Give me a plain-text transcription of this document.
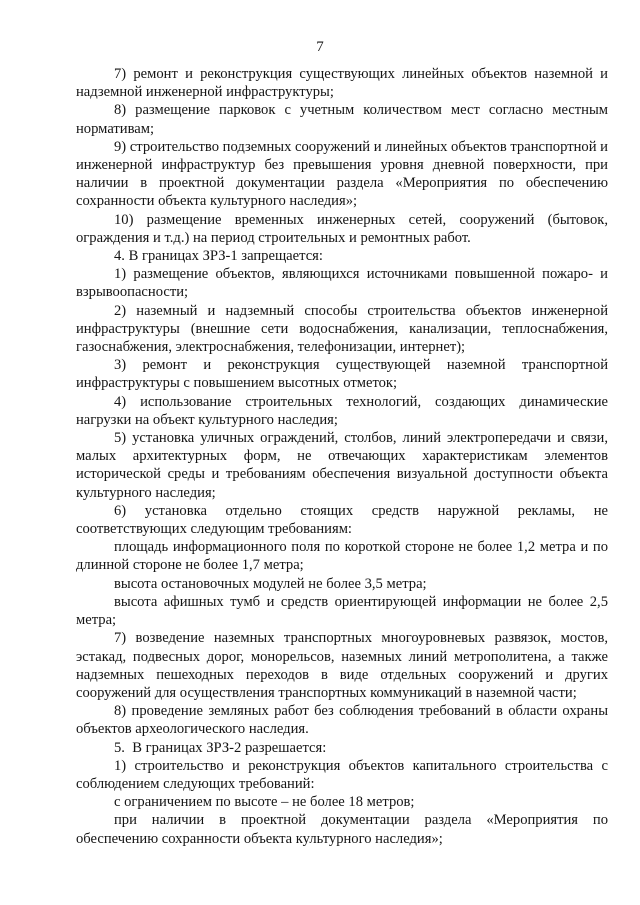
7

7) ремонт и реконструкция существующих линейных объектов наземной и надземной инженерной инфраструктуры;

8) размещение парковок с учетным количеством мест согласно местным нормативам;

9) строительство подземных сооружений и линейных объектов транспортной и инженерной инфраструктур без превышения уровня дневной поверхности, при наличии в проектной документации раздела «Мероприятия по обеспечению сохранности объекта культурного наследия»;

10) размещение временных инженерных сетей, сооружений (бытовок, ограждения и т.д.) на период строительных и ремонтных работ.

4. В границах ЗРЗ-1 запрещается:

1) размещение объектов, являющихся источниками повышенной пожаро- и взрывоопасности;

2) наземный и надземный способы строительства объектов инженерной инфраструктуры (внешние сети водоснабжения, канализации, теплоснабжения, газоснабжения, электроснабжения, телефонизации, интернет);

3) ремонт и реконструкция существующей наземной транспортной инфраструктуры с повышением высотных отметок;

4) использование строительных технологий, создающих динамические нагрузки на объект культурного наследия;

5) установка уличных ограждений, столбов, линий электропередачи и связи, малых архитектурных форм, не отвечающих характеристикам элементов исторической среды и требованиям обеспечения визуальной доступности объекта культурного наследия;

6) установка отдельно стоящих средств наружной рекламы, не соответствующих следующим требованиям:

площадь информационного поля по короткой стороне не более 1,2 метра и по длинной стороне не более 1,7 метра;

высота остановочных модулей не более 3,5 метра;

высота афишных тумб и средств ориентирующей информации не более 2,5 метра;

7) возведение наземных транспортных многоуровневых развязок, мостов, эстакад, подвесных дорог, монорельсов, наземных линий метрополитена, а также надземных пешеходных переходов в виде отдельных сооружений и других сооружений для осуществления транспортных коммуникаций в наземной части;

8) проведение земляных работ без соблюдения требований в области охраны объектов археологического наследия.

5.  В границах ЗРЗ-2 разрешается:

1) строительство и реконструкция объектов капитального строительства с соблюдением следующих требований:

с ограничением по высоте – не более 18 метров;

при наличии в проектной документации раздела «Мероприятия по обеспечению сохранности объекта культурного наследия»;
